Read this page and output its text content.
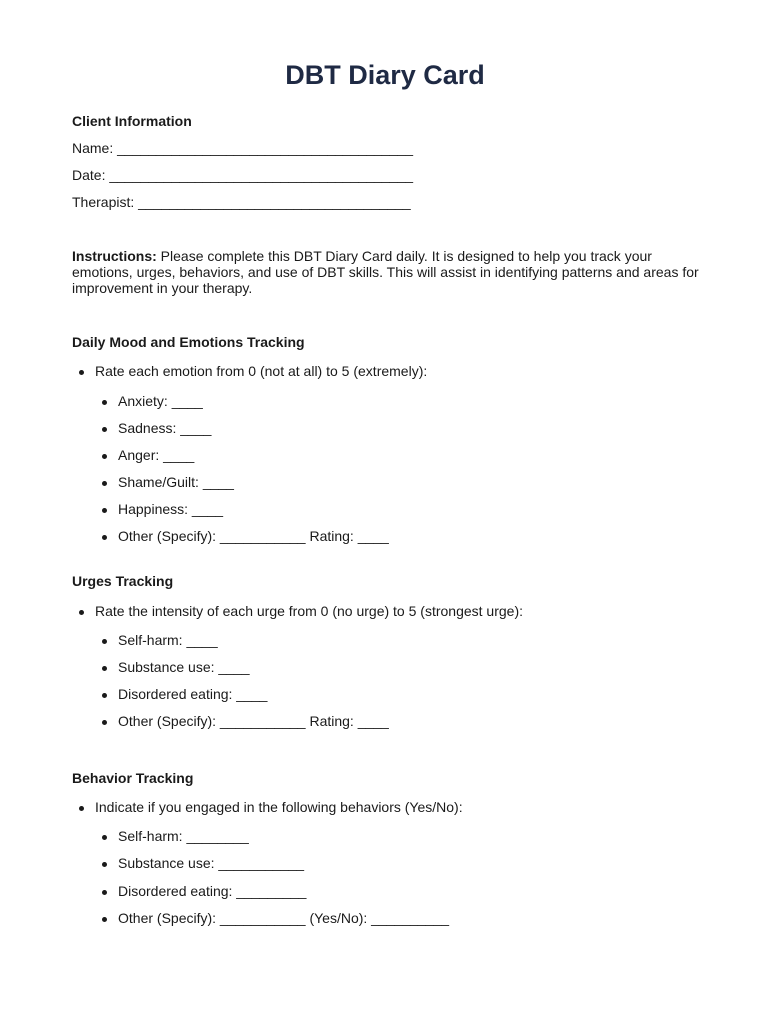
DBT Diary Card
Client Information
Name: ______________________________________
Date: _______________________________________
Therapist: ___________________________________
Instructions: Please complete this DBT Diary Card daily. It is designed to help you track your emotions, urges, behaviors, and use of DBT skills. This will assist in identifying patterns and areas for improvement in your therapy.
Daily Mood and Emotions Tracking
Rate each emotion from 0 (not at all) to 5 (extremely):
Anxiety: ____
Sadness: ____
Anger: ____
Shame/Guilt: ____
Happiness: ____
Other (Specify): ___________ Rating: ____
Urges Tracking
Rate the intensity of each urge from 0 (no urge) to 5 (strongest urge):
Self-harm: ____
Substance use: ____
Disordered eating: ____
Other (Specify): ___________ Rating: ____
Behavior Tracking
Indicate if you engaged in the following behaviors (Yes/No):
Self-harm: ________
Substance use: ___________
Disordered eating: _________
Other (Specify): ___________ (Yes/No): __________
